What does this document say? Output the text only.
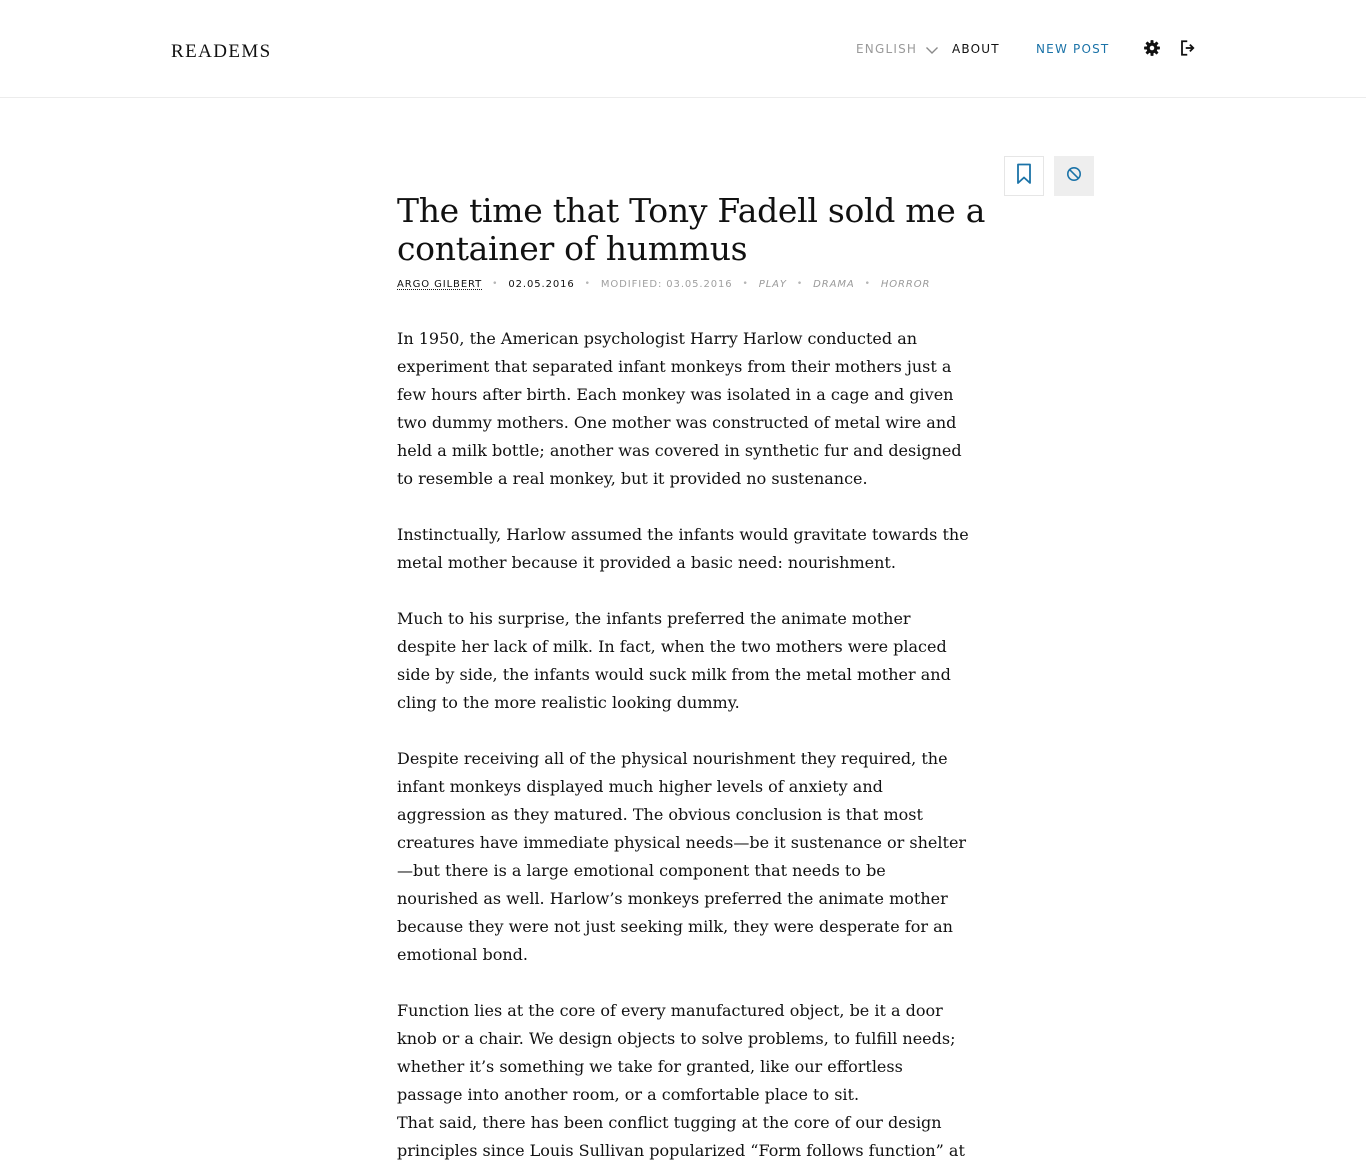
READEMS	ENGLISH	ABOUT	NEW POST
The time that Tony Fadell sold me a container of hummus
ARGO GILBERT • 02.05.2016 • MODIFIED: 03.05.2016 • PLAY • DRAMA • HORROR

In 1950, the American psychologist Harry Harlow conducted an experiment that separated infant monkeys from their mothers just a few hours after birth. Each monkey was isolated in a cage and given two dummy mothers. One mother was constructed of metal wire and held a milk bottle; another was covered in synthetic fur and designed to resemble a real monkey, but it provided no sustenance.

Instinctually, Harlow assumed the infants would gravitate towards the metal mother because it provided a basic need: nourishment.

Much to his surprise, the infants preferred the animate mother despite her lack of milk. In fact, when the two mothers were placed side by side, the infants would suck milk from the metal mother and cling to the more realistic looking dummy.

Despite receiving all of the physical nourishment they required, the infant monkeys displayed much higher levels of anxiety and aggression as they matured. The obvious conclusion is that most creatures have immediate physical needs—be it sustenance or shelter—but there is a large emotional component that needs to be nourished as well. Harlow’s monkeys preferred the animate mother because they were not just seeking milk, they were desperate for an emotional bond.

Function lies at the core of every manufactured object, be it a door knob or a chair. We design objects to solve problems, to fulfill needs; whether it’s something we take for granted, like our effortless passage into another room, or a comfortable place to sit.

That said, there has been conflict tugging at the core of our design principles since Louis Sullivan popularized “Form follows function” at
